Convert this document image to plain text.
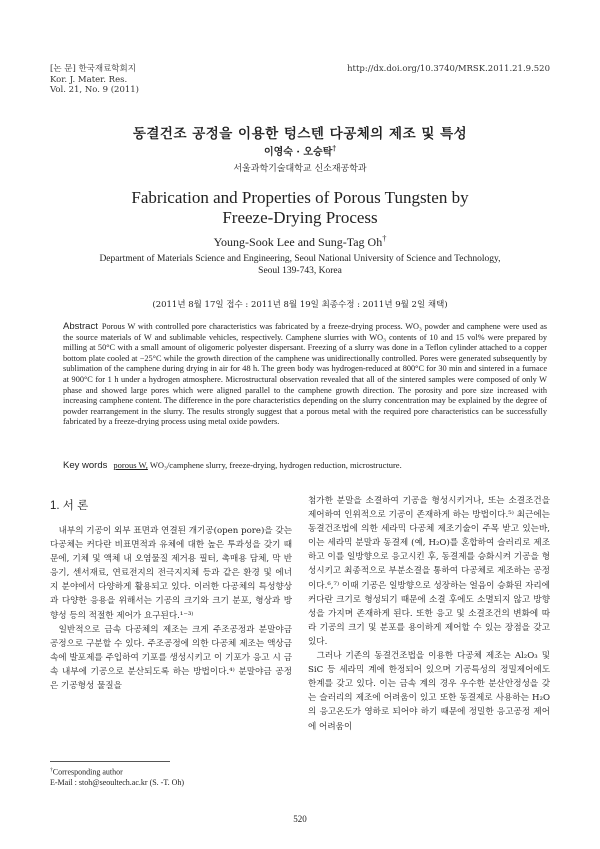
[논 문] 한국재료학회지
Kor. J. Mater. Res.
Vol. 21, No. 9 (2011)
http://dx.doi.org/10.3740/MRSK.2011.21.9.520
동결건조 공정을 이용한 텅스텐 다공체의 제조 및 특성
이영숙 · 오승탁†
서울과학기술대학교 신소재공학과
Fabrication and Properties of Porous Tungsten by
Freeze-Drying Process
Young-Sook Lee and Sung-Tag Oh†
Department of Materials Science and Engineering, Seoul National University of Science and Technology,
Seoul 139-743, Korea
(2011년 8월 17일 접수 : 2011년 8월 19일 최종수정 : 2011년 9월 2일 채택)
Abstract Porous W with controlled pore characteristics was fabricated by a freeze-drying process. WO₃ powder and camphene were used as the source materials of W and sublimable vehicles, respectively. Camphene slurries with WO₃ contents of 10 and 15 vol% were prepared by milling at 50°C with a small amount of oligomeric polyester dispersant. Freezing of a slurry was done in a Teflon cylinder attached to a copper bottom plate cooled at −25°C while the growth direction of the camphene was unidirectionally controlled. Pores were generated subsequently by sublimation of the camphene during drying in air for 48 h. The green body was hydrogen-reduced at 800°C for 30 min and sintered in a furnace at 900°C for 1 h under a hydrogen atmosphere. Microstructural observation revealed that all of the sintered samples were composed of only W phase and showed large pores which were aligned parallel to the camphene growth direction. The porosity and pore size increased with increasing camphene content. The difference in the pore characteristics depending on the slurry concentration may be explained by the degree of powder rearrangement in the slurry. The results strongly suggest that a porous metal with the required pore characteristics can be successfully fabricated by a freeze-drying process using metal oxide powders.
Key words porous W, WO₃/camphene slurry, freeze-drying, hydrogen reduction, microstructure.
1. 서 론

내부의 기공이 외부 표면과 연결된 개기공(open pore)을 갖는 다공체는 커다란 비표면적과 유체에 대한 높은 투과성을 갖기 때문에, 기체 및 액체 내 오염물질 제거용 필터, 촉매용 담체, 막 반응기, 센서재료, 연료전지의 전극지지체 등과 같은 환경 및 에너지 분야에서 다양하게 활용되고 있다. 이러한 다공체의 특성향상과 다양한 응용을 위해서는 기공의 크기와 크기 분포, 형상과 방향성 등의 적절한 제어가 요구된다.¹⁻³⁾

일반적으로 금속 다공체의 제조는 크게 주조공정과 분말야금 공정으로 구분할 수 있다. 주조공정에 의한 다공체 제조는 액상금속에 발포제를 주입하여 기포를 생성시키고 이 기포가 응고 시 금속 내부에 기공으로 분산되도록 하는 방법이다.⁴⁾ 분말야금 공정은 기공형성 물질을

첨가한 분말을 소결하여 기공을 형성시키거나, 또는 소결조건을 제어하여 인위적으로 기공이 존재하게 하는 방법이다.⁵⁾ 최근에는 동결건조법에 의한 세라믹 다공체 제조기술이 주목 받고 있는바, 이는 세라믹 분말과 동결제 (예, H₂O)를 혼합하여 슬러리로 제조하고 이를 일방향으로 응고시킨 후, 동결제를 승화시켜 기공을 형성시키고 최종적으로 부분소결을 통하여 다공체로 제조하는 공정이다.⁶,⁷⁾ 이때 기공은 일방향으로 성장하는 얼음이 승화된 자리에 커다란 크기로 형성되기 때문에 소결 후에도 소멸되지 않고 방향성을 가지며 존재하게 된다. 또한 응고 및 소결조건의 변화에 따라 기공의 크기 및 분포를 용이하게 제어할 수 있는 장점을 갖고 있다.

그러나 기존의 동결건조법을 이용한 다공체 제조는 Al₂O₃ 및 SiC 등 세라믹 계에 한정되어 있으며 기공특성의 정밀제어에도 한계를 갖고 있다. 이는 금속 계의 경우 우수한 분산안정성을 갖는 슬러리의 제조에 어려움이 있고 또한 동결제로 사용하는 H₂O의 응고온도가 영하로 되어야 하기 때문에 정밀한 응고공정 제어에 어려움이

†Corresponding author
E-Mail : stoh@seoultech.ac.kr (S. -T. Oh)
520
